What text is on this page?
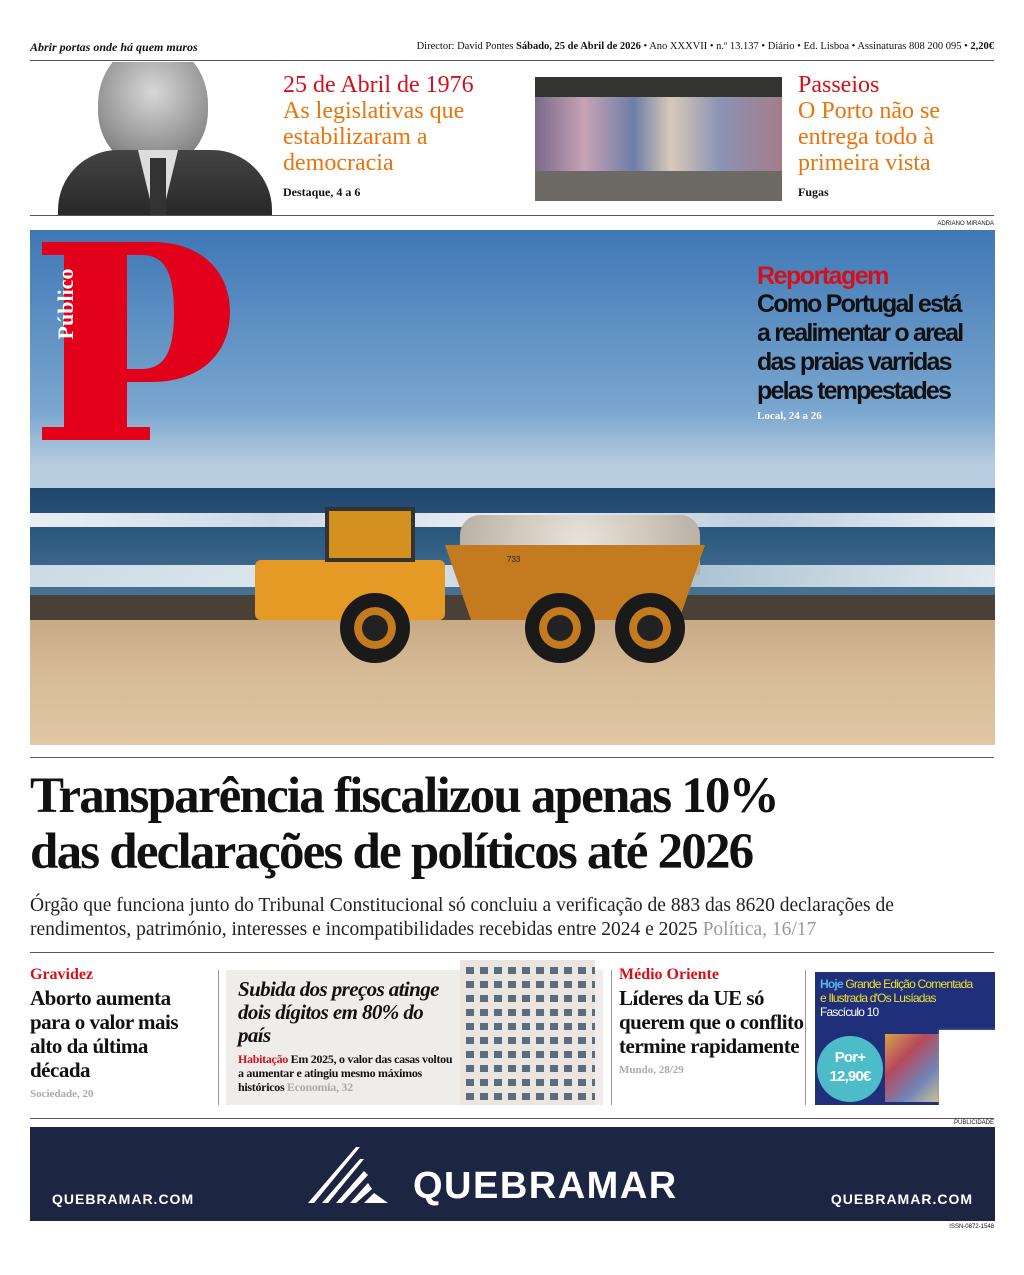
Abrir portas onde há quem muros	Director: David Pontes Sábado, 25 de Abril de 2026 • Ano XXXVII • n.º 13.137 • Diário • Ed. Lisboa • Assinaturas 808 200 095 • 2,20€
25 de Abril de 1976
As legislativas que estabilizaram a democracia
Destaque, 4 a 6
Passeios
O Porto não se entrega todo à primeira vista
Fugas
ADRIANO MIRANDA
733
Público	Reportagem
Como Portugal está a realimentar o areal das praias varridas pelas tempestades
Local, 24 a 26
Transparência fiscalizou apenas 10%
das declarações de políticos até 2026
Órgão que funciona junto do Tribunal Constitucional só concluiu a verificação de 883 das 8620 declarações de rendimentos, património, interesses e incompatibilidades recebidas entre 2024 e 2025 Política, 16/17
Gravidez
Aborto aumenta para o valor mais alto da última década
Sociedade, 20
Subida dos preços atinge dois dígitos em 80% do país
Habitação Em 2025, o valor das casas voltou a aumentar e atingiu mesmo máximos históricos Economia, 32
Médio Oriente
Líderes da UE só querem que o conflito termine rapidamente
Mundo, 28/29
Hoje Grande Edição Comentada
e Ilustrada d'Os Lusíadas
Fascículo 10
Por+
12,90€
PUBLICIDADE
QUEBRAMAR.COM	QUEBRAMAR	QUEBRAMAR.COM
ISSN-0872-1548
